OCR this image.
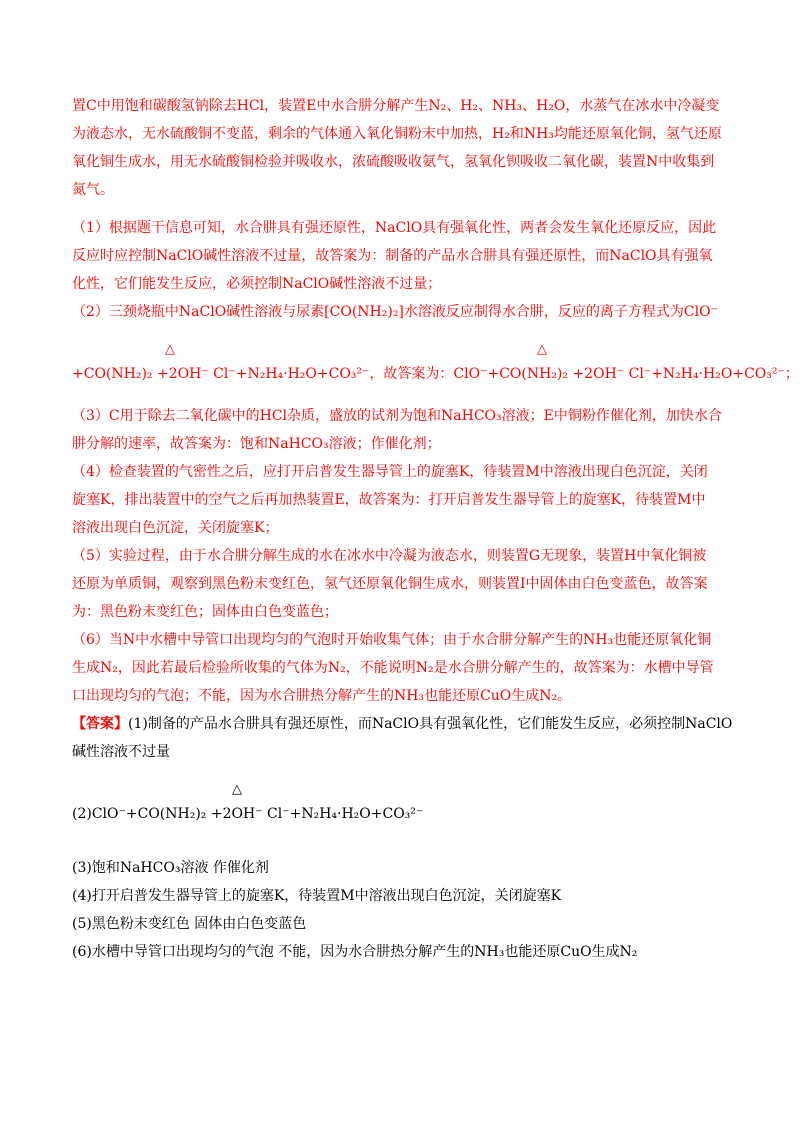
置C中用饱和碳酸氢钠除去HCl，装置E中水合肼分解产生N₂、H₂、NH₃、H₂O，水蒸气在冰水中冷凝变
为液态水，无水硫酸铜不变蓝，剩余的气体通入氧化铜粉末中加热，H₂和NH₃均能还原氧化铜，氢气还原
氧化铜生成水，用无水硫酸铜检验并吸收水，浓硫酸吸收氨气，氢氧化钡吸收二氧化碳，装置N中收集到
氮气。
（1）根据题干信息可知，水合肼具有强还原性，NaClO具有强氧化性，两者会发生氧化还原反应，因此
反应时应控制NaClO碱性溶液不过量，故答案为：制备的产品水合肼具有强还原性，而NaClO具有强氧
化性，它们能发生反应，必须控制NaClO碱性溶液不过量；
（2）三颈烧瓶中NaClO碱性溶液与尿素[CO(NH₂)₂]水溶液反应制得水合肼，反应的离子方程式为ClO⁻
△	△
+CO(NH₂)₂ +2OH⁻ Cl⁻+N₂H₄·H₂O+CO₃²⁻，故答案为：ClO⁻+CO(NH₂)₂ +2OH⁻ Cl⁻+N₂H₄·H₂O+CO₃²⁻；
（3）C用于除去二氧化碳中的HCl杂质，盛放的试剂为饱和NaHCO₃溶液；E中铜粉作催化剂，加快水合
肼分解的速率，故答案为：饱和NaHCO₃溶液；作催化剂；
（4）检查装置的气密性之后，应打开启普发生器导管上的旋塞K，待装置M中溶液出现白色沉淀，关闭
旋塞K，排出装置中的空气之后再加热装置E，故答案为：打开启普发生器导管上的旋塞K，待装置M中
溶液出现白色沉淀，关闭旋塞K；
（5）实验过程，由于水合肼分解生成的水在冰水中冷凝为液态水，则装置G无现象，装置H中氧化铜被
还原为单质铜，观察到黑色粉末变红色，氢气还原氧化铜生成水，则装置I中固体由白色变蓝色，故答案
为：黑色粉末变红色；固体由白色变蓝色；
（6）当N中水槽中导管口出现均匀的气泡时开始收集气体；由于水合肼分解产生的NH₃也能还原氧化铜
生成N₂，因此若最后检验所收集的气体为N₂，不能说明N₂是水合肼分解产生的，故答案为：水槽中导管
口出现均匀的气泡；不能，因为水合肼热分解产生的NH₃也能还原CuO生成N₂。
【答案】(1)制备的产品水合肼具有强还原性，而NaClO具有强氧化性，它们能发生反应，必须控制NaClO
碱性溶液不过量
△
(2)ClO⁻+CO(NH₂)₂ +2OH⁻ Cl⁻+N₂H₄·H₂O+CO₃²⁻
(3)饱和NaHCO₃溶液 作催化剂
(4)打开启普发生器导管上的旋塞K，待装置M中溶液出现白色沉淀，关闭旋塞K
(5)黑色粉末变红色 固体由白色变蓝色
(6)水槽中导管口出现均匀的气泡 不能，因为水合肼热分解产生的NH₃也能还原CuO生成N₂
